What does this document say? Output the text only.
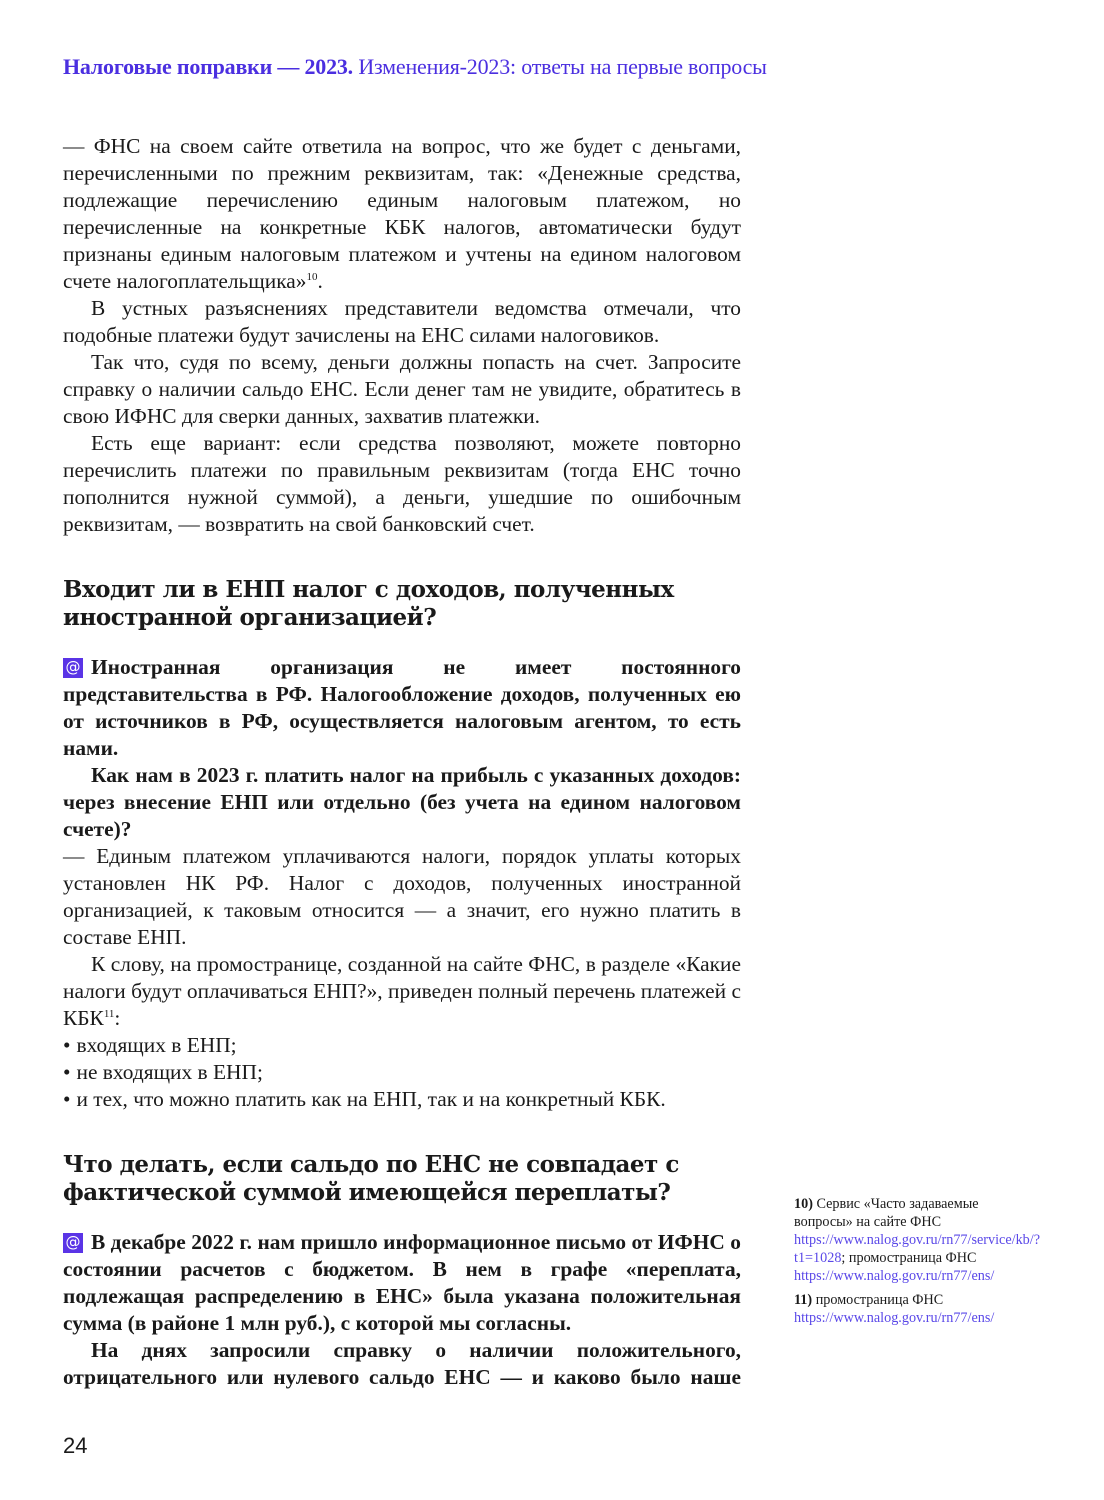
Налоговые поправки — 2023. Изменения-2023: ответы на первые вопросы

— ФНС на своем сайте ответила на вопрос, что же будет с деньгами, перечисленными по прежним реквизитам, так: «Денежные средства, подлежащие перечислению единым налоговым платежом, но перечисленные на конкретные КБК налогов, автоматически будут признаны единым налоговым платежом и учтены на едином налоговом счете налогоплательщика»$^{10}$.

В устных разъяснениях представители ведомства отмечали, что подобные платежи будут зачислены на ЕНС силами налоговиков.

Так что, судя по всему, деньги должны попасть на счет. Запросите справку о наличии сальдо ЕНС. Если денег там не увидите, обратитесь в свою ИФНС для сверки данных, захватив платежки.

Есть еще вариант: если средства позволяют, можете повторно перечислить платежи по правильным реквизитам (тогда ЕНС точно пополнится нужной суммой), а деньги, ушедшие по ошибочным реквизитам, — возвратить на свой банковский счет.

Входит ли в ЕНП налог с доходов, полученных иностранной организацией?

@ Иностранная организация не имеет постоянного представительства в РФ. Налогообложение доходов, полученных ею от источников в РФ, осуществляется налоговым агентом, то есть нами.

Как нам в 2023 г. платить налог на прибыль с указанных доходов: через внесение ЕНП или отдельно (без учета на едином налоговом счете)?

— Единым платежом уплачиваются налоги, порядок уплаты которых установлен НК РФ. Налог с доходов, полученных иностранной организацией, к таковым относится — а значит, его нужно платить в составе ЕНП.

К слову, на промостранице, созданной на сайте ФНС, в разделе «Какие налоги будут оплачиваться ЕНП?», приведен полный перечень платежей с КБК$^{11}$:

• входящих в ЕНП;
• не входящих в ЕНП;
• и тех, что можно платить как на ЕНП, так и на конкретный КБК.
Что делать, если сальдо по ЕНС не совпадает с фактической суммой имеющейся переплаты?

@ В декабре 2022 г. нам пришло информационное письмо от ИФНС о состоянии расчетов с бюджетом. В нем в графе «переплата, подлежащая распределению в ЕНС» была указана положительная сумма (в районе 1 млн руб.), с которой мы согласны.

На днях запросили справку о наличии положительного, отрицательного или нулевого сальдо ЕНС — и каково было наше

10) Сервис «Часто задаваемые вопросы» на сайте ФНС https://www.nalog.gov.ru/rn77/service/kb/?t1=1028; промостраница ФНС https://www.nalog.gov.ru/rn77/ens/

11) промостраница ФНС https://www.nalog.gov.ru/rn77/ens/

24
